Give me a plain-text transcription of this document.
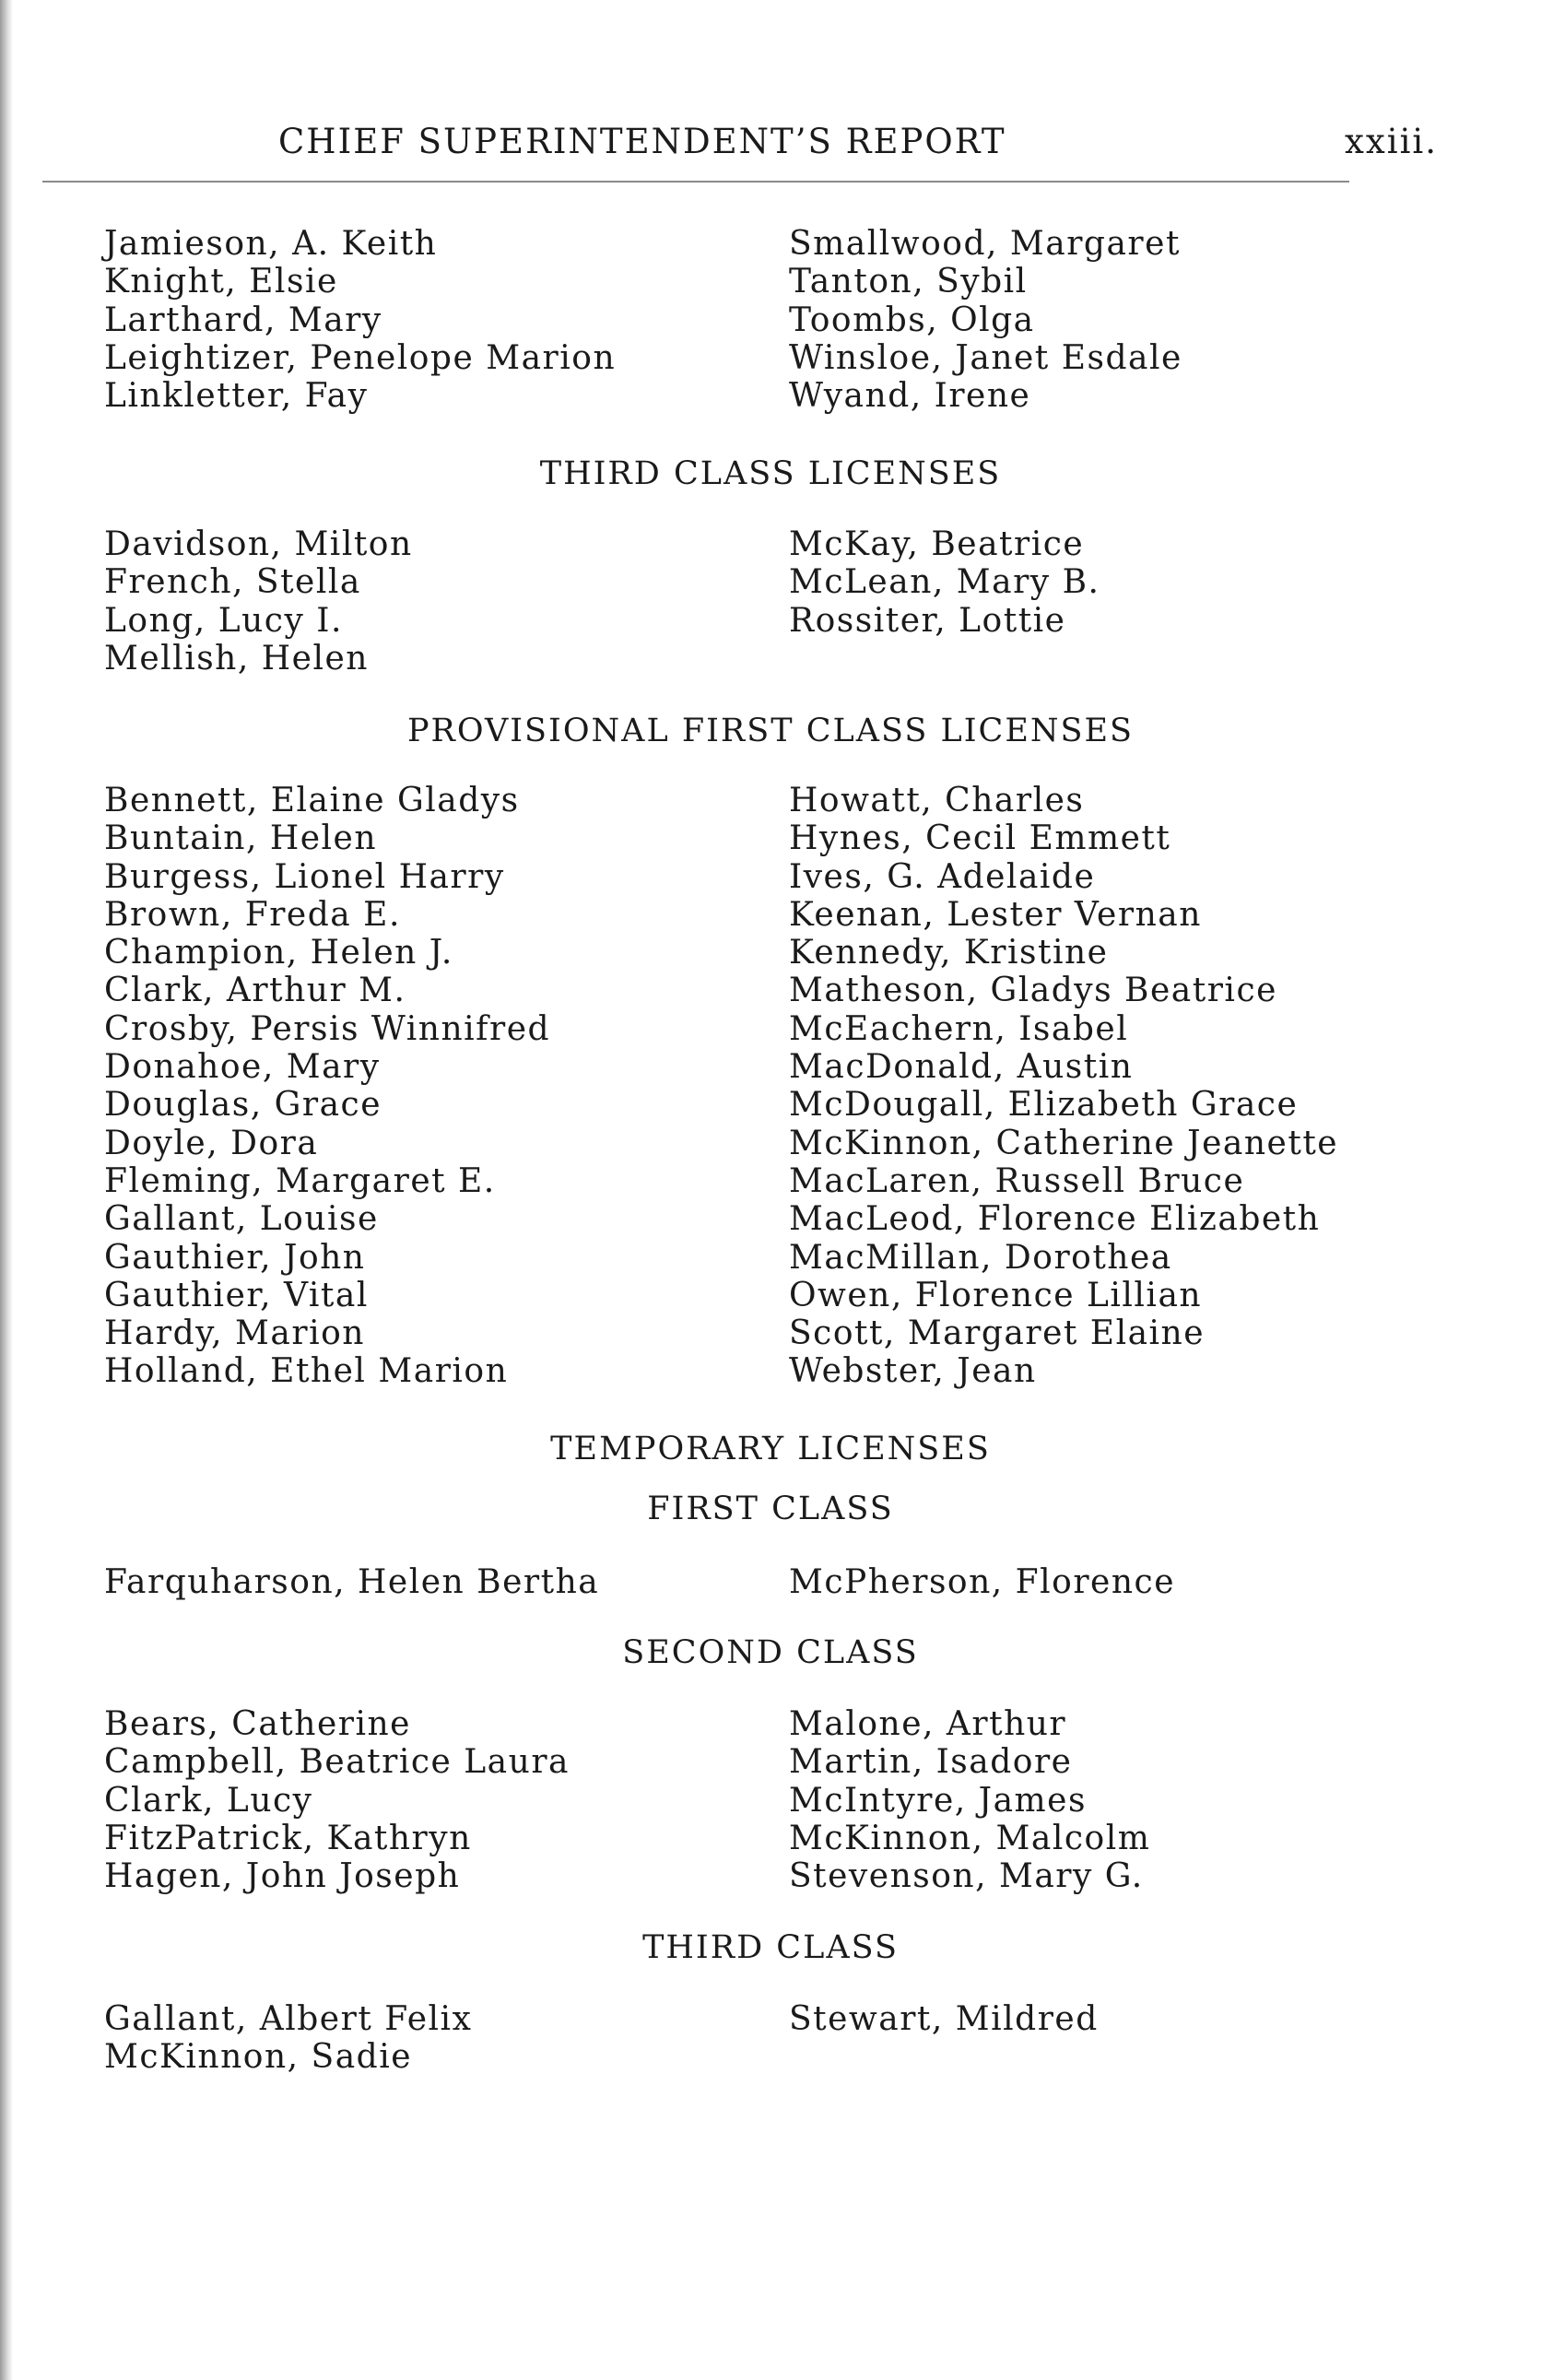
CHIEF SUPERINTENDENT’S REPORT	xxiii.
Jamieson, A. Keith
Knight, Elsie
Larthard, Mary
Leightizer, Penelope Marion
Linkletter, Fay
Smallwood, Margaret
Tanton, Sybil
Toombs, Olga
Winsloe, Janet Esdale
Wyand, Irene
THIRD CLASS LICENSES
Davidson, Milton
French, Stella
Long, Lucy I.
Mellish, Helen
McKay, Beatrice
McLean, Mary B.
Rossiter, Lottie
PROVISIONAL FIRST CLASS LICENSES
Bennett, Elaine Gladys
Buntain, Helen
Burgess, Lionel Harry
Brown, Freda E.
Champion, Helen J.
Clark, Arthur M.
Crosby, Persis Winnifred
Donahoe, Mary
Douglas, Grace
Doyle, Dora
Fleming, Margaret E.
Gallant, Louise
Gauthier, John
Gauthier, Vital
Hardy, Marion
Holland, Ethel Marion
Howatt, Charles
Hynes, Cecil Emmett
Ives, G. Adelaide
Keenan, Lester Vernan
Kennedy, Kristine
Matheson, Gladys Beatrice
McEachern, Isabel
MacDonald, Austin
McDougall, Elizabeth Grace
McKinnon, Catherine Jeanette
MacLaren, Russell Bruce
MacLeod, Florence Elizabeth
MacMillan, Dorothea
Owen, Florence Lillian
Scott, Margaret Elaine
Webster, Jean
TEMPORARY LICENSES
FIRST CLASS
Farquharson, Helen Bertha	McPherson, Florence
SECOND CLASS
Bears, Catherine
Campbell, Beatrice Laura
Clark, Lucy
FitzPatrick, Kathryn
Hagen, John Joseph
Malone, Arthur
Martin, Isadore
McIntyre, James
McKinnon, Malcolm
Stevenson, Mary G.
THIRD CLASS
Gallant, Albert Felix
McKinnon, Sadie
Stewart, Mildred
